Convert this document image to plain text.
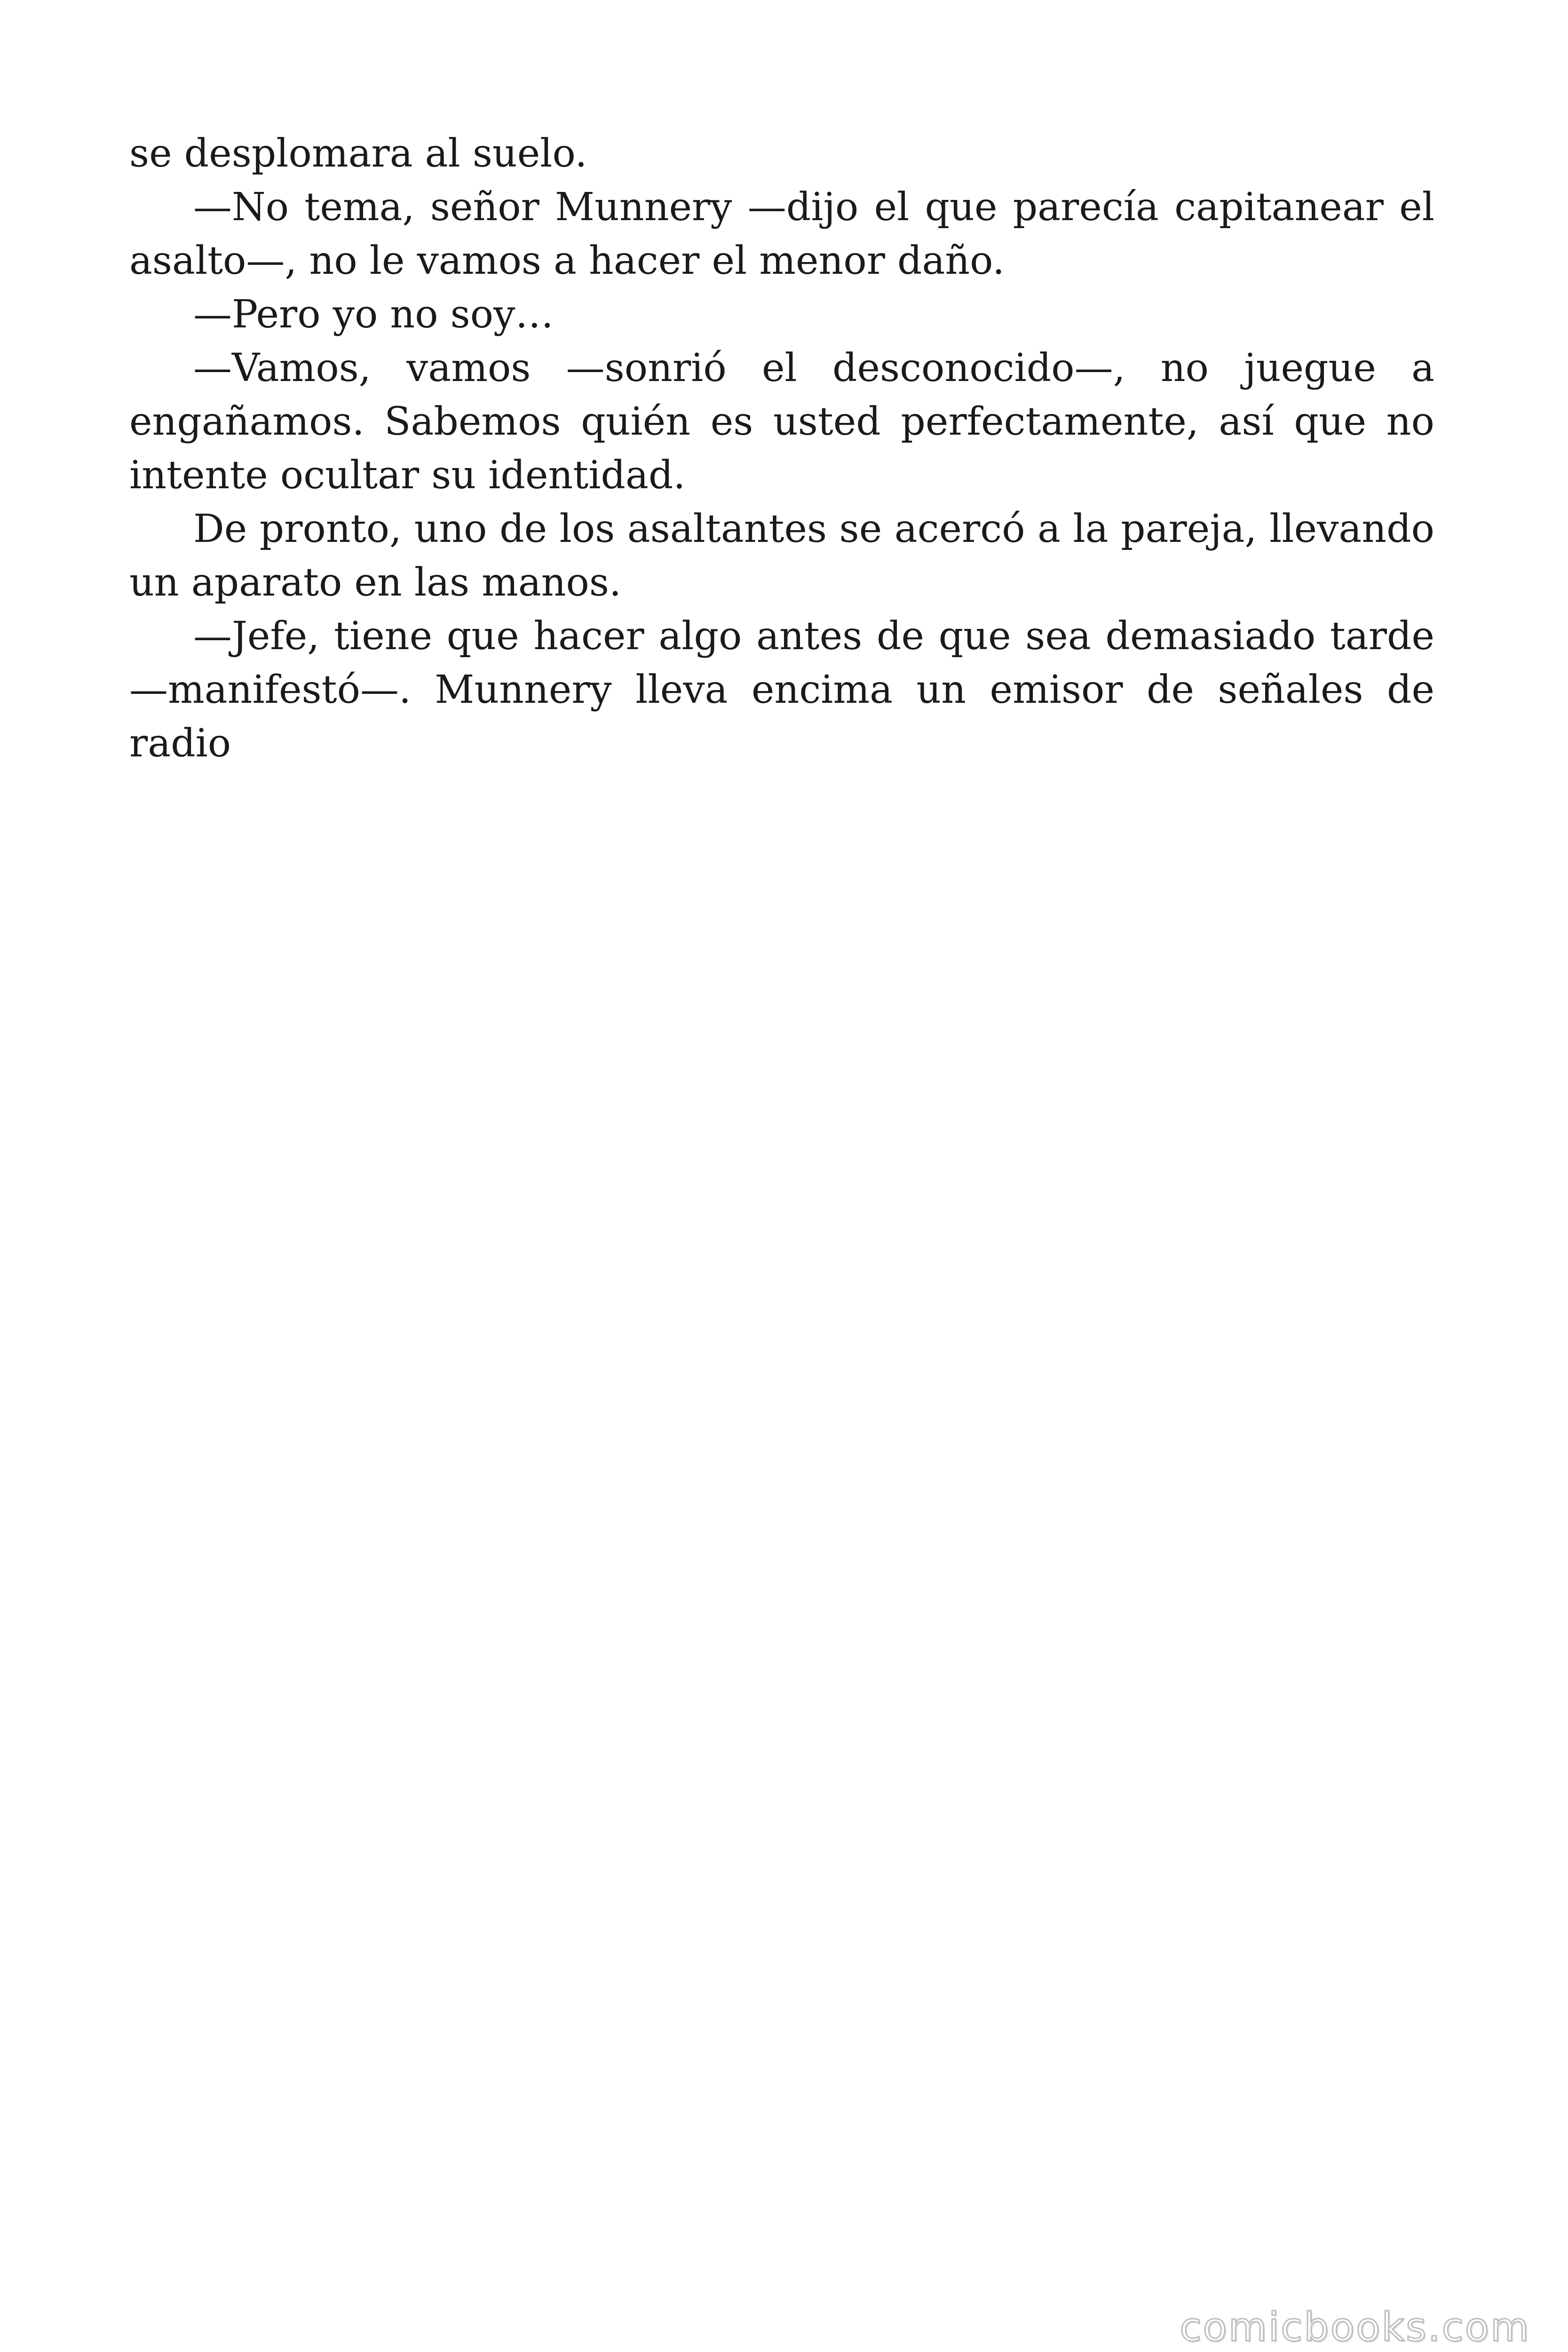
se desplomara al suelo.

—No tema, señor Munnery —dijo el que parecía capitanear el asalto—, no le vamos a hacer el menor daño.

—Pero yo no soy…

—Vamos, vamos —sonrió el desconocido—, no juegue a engañamos. Sabemos quién es usted perfectamente, así que no intente ocultar su identidad.

De pronto, uno de los asaltantes se acercó a la pareja, llevando un aparato en las manos.

—Jefe, tiene que hacer algo antes de que sea demasiado tarde —manifestó—. Munnery lleva encima un emisor de señales de radio

comicbooks.com
